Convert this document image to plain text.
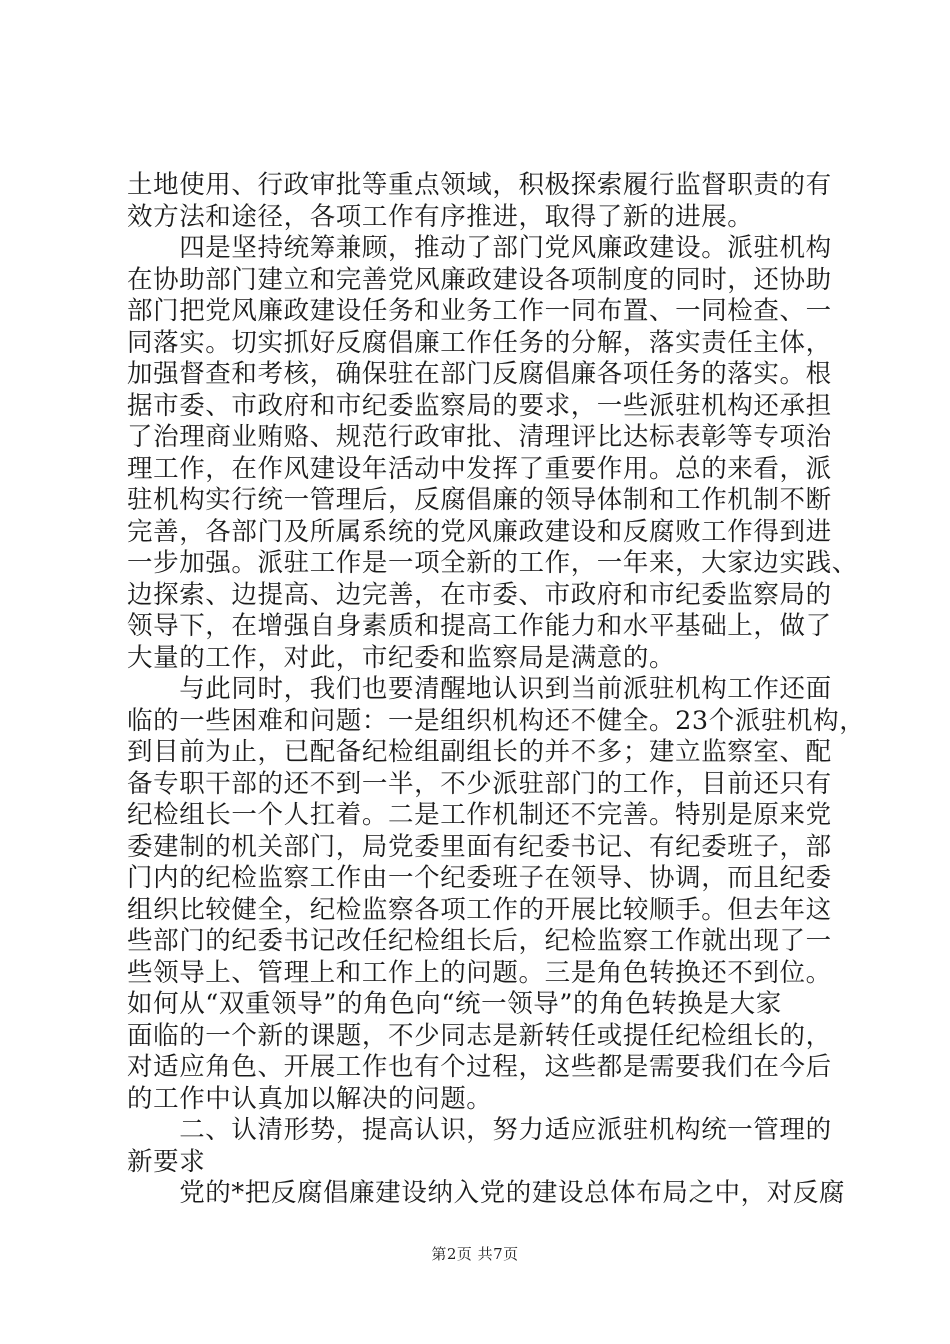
土地使用、行政审批等重点领域，积极探索履行监督职责的有
效方法和途径，各项工作有序推进，取得了新的进展。
　　四是坚持统筹兼顾，推动了部门党风廉政建设。派驻机构
在协助部门建立和完善党风廉政建设各项制度的同时，还协助
部门把党风廉政建设任务和业务工作一同布置、一同检查、一
同落实。切实抓好反腐倡廉工作任务的分解，落实责任主体，
加强督查和考核，确保驻在部门反腐倡廉各项任务的落实。根
据市委、市政府和市纪委监察局的要求，一些派驻机构还承担
了治理商业贿赂、规范行政审批、清理评比达标表彰等专项治
理工作，在作风建设年活动中发挥了重要作用。总的来看，派
驻机构实行统一管理后，反腐倡廉的领导体制和工作机制不断
完善，各部门及所属系统的党风廉政建设和反腐败工作得到进
一步加强。派驻工作是一项全新的工作，一年来，大家边实践、
边探索、边提高、边完善，在市委、市政府和市纪委监察局的
领导下，在增强自身素质和提高工作能力和水平基础上，做了
大量的工作，对此，市纪委和监察局是满意的。
　　与此同时，我们也要清醒地认识到当前派驻机构工作还面
临的一些困难和问题：一是组织机构还不健全。23个派驻机构，
到目前为止，已配备纪检组副组长的并不多；建立监察室、配
备专职干部的还不到一半，不少派驻部门的工作，目前还只有
纪检组长一个人扛着。二是工作机制还不完善。特别是原来党
委建制的机关部门，局党委里面有纪委书记、有纪委班子，部
门内的纪检监察工作由一个纪委班子在领导、协调，而且纪委
组织比较健全，纪检监察各项工作的开展比较顺手。但去年这
些部门的纪委书记改任纪检组长后，纪检监察工作就出现了一
些领导上、管理上和工作上的问题。三是角色转换还不到位。
如何从“双重领导”的角色向“统一领导”的角色转换是大家
面临的一个新的课题，不少同志是新转任或提任纪检组长的，
对适应角色、开展工作也有个过程，这些都是需要我们在今后
的工作中认真加以解决的问题。
　　二、认清形势，提高认识，努力适应派驻机构统一管理的
新要求
　　党的*把反腐倡廉建设纳入党的建设总体布局之中，对反腐
第2页 共7页
